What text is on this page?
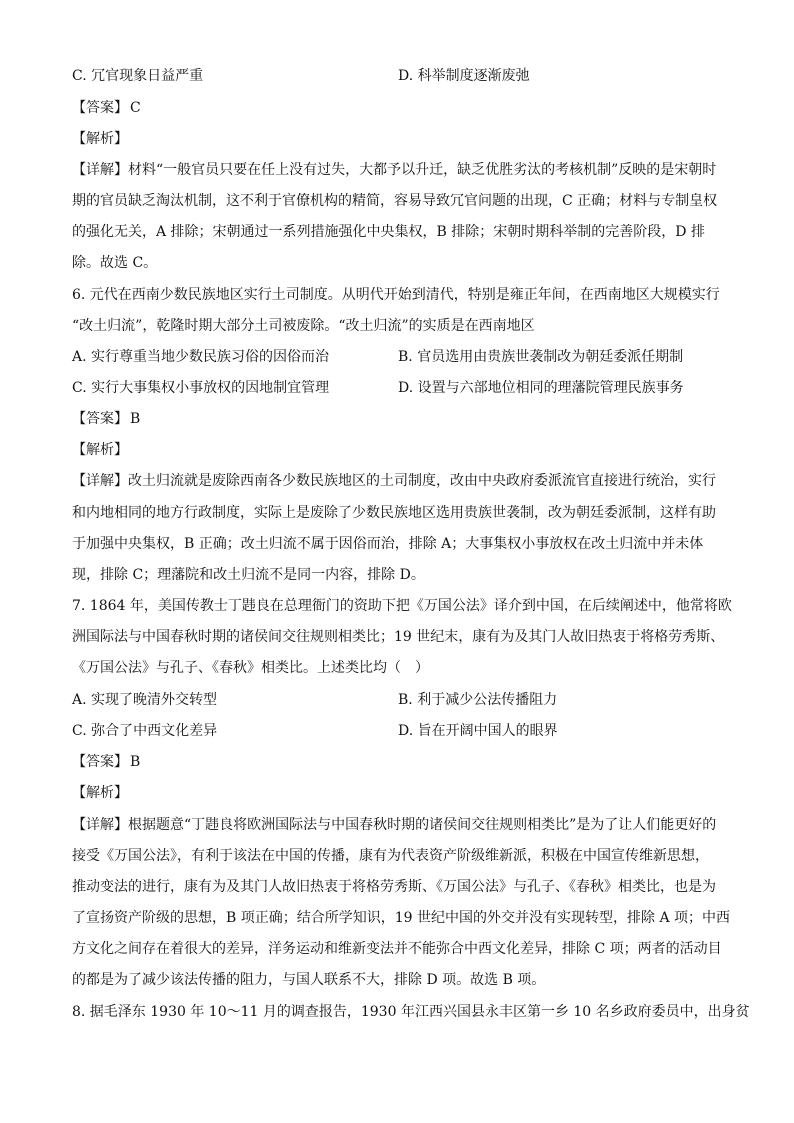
C. 冗官现象日益严重	D. 科举制度逐渐废弛
【答案】 C
【解析】
【详解】材料“一般官员只要在任上没有过失，大都予以升迁，缺乏优胜劣汰的考核机制”反映的是宋朝时
期的官员缺乏淘汰机制，这不利于官僚机构的精简，容易导致冗官问题的出现，C 正确；材料与专制皇权
的强化无关，A 排除；宋朝通过一系列措施强化中央集权，B 排除；宋朝时期科举制的完善阶段，D 排
除。故选 C。
6. 元代在西南少数民族地区实行土司制度。从明代开始到清代，特别是雍正年间，在西南地区大规模实行
“改土归流”，乾隆时期大部分土司被废除。“改土归流”的实质是在西南地区
A. 实行尊重当地少数民族习俗的因俗而治	B. 官员选用由贵族世袭制改为朝廷委派任期制
C. 实行大事集权小事放权的因地制宜管理	D. 设置与六部地位相同的理藩院管理民族事务
【答案】 B
【解析】
【详解】改土归流就是废除西南各少数民族地区的土司制度，改由中央政府委派流官直接进行统治，实行
和内地相同的地方行政制度，实际上是废除了少数民族地区选用贵族世袭制，改为朝廷委派制，这样有助
于加强中央集权，B 正确；改土归流不属于因俗而治，排除 A；大事集权小事放权在改土归流中并未体
现，排除 C；理藩院和改土归流不是同一内容，排除 D。
7. 1864 年，美国传教士丁韪良在总理衙门的资助下把《万国公法》译介到中国，在后续阐述中，他常将欧
洲国际法与中国春秋时期的诸侯间交往规则相类比；19 世纪末，康有为及其门人故旧热衷于将格劳秀斯、
《万国公法》与孔子、《春秋》相类比。上述类比均（　）
A. 实现了晚清外交转型	B. 利于减少公法传播阻力
C. 弥合了中西文化差异	D. 旨在开阔中国人的眼界
【答案】 B
【解析】
【详解】根据题意“丁韪良将欧洲国际法与中国春秋时期的诸侯间交往规则相类比”是为了让人们能更好的
接受《万国公法》，有利于该法在中国的传播，康有为代表资产阶级维新派，积极在中国宣传维新思想，
推动变法的进行，康有为及其门人故旧热衷于将格劳秀斯、《万国公法》与孔子、《春秋》相类比，也是为
了宣扬资产阶级的思想，B 项正确；结合所学知识，19 世纪中国的外交并没有实现转型，排除 A 项；中西
方文化之间存在着很大的差异，洋务运动和维新变法并不能弥合中西文化差异，排除 C 项；两者的活动目
的都是为了减少该法传播的阻力，与国人联系不大，排除 D 项。故选 B 项。
8. 据毛泽东 1930 年 10～11 月的调查报告，1930 年江西兴国县永丰区第一乡 10 名乡政府委员中，出身贫
